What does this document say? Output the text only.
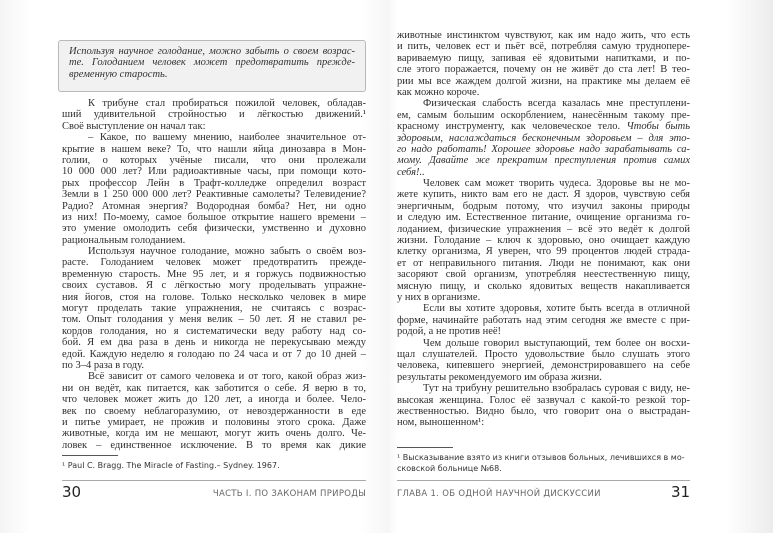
Используя научное голодание, можно забыть о своем возрас-
те. Голоданием человек может предотвратить прежде-
временную старость.
К трибуне стал пробираться пожилой человек, обладав-
ший удивительной стройностью и лёгкостью движений.¹
Своё выступление он начал так:
– Какое, по вашему мнению, наиболее значительное от-
крытие в нашем веке? То, что нашли яйца динозавра в Мон-
голии, о которых учёные писали, что они пролежали
10 000 000 лет? Или радиоактивные часы, при помощи кото-
рых профессор Лейн в Трафт-колледже определил возраст
Земли в 1 250 000 000 лет? Реактивные самолеты? Телевидение?
Радио? Атомная энергия? Водородная бомба? Нет, ни одно
из них! По-моему, самое большое открытие нашего времени –
это умение омолодить себя физически, умственно и духовно
рациональным голоданием.
Используя научное голодание, можно забыть о своём воз-
расте. Голоданием человек может предотвратить прежде-
временную старость. Мне 95 лет, и я горжусь подвижностью
своих суставов. Я с лёгкостью могу проделывать упражне-
ния йогов, стоя на голове. Только несколько человек в мире
могут проделать такие упражнения, не считаясь с возрас-
том. Опыт голодания у меня велик – 50 лет. Я не ставил ре-
кордов голодания, но я систематически веду работу над со-
бой. Я ем два раза в день и никогда не перекусываю между
едой. Каждую неделю я голодаю по 24 часа и от 7 до 10 дней –
по 3–4 раза в году.
Всё зависит от самого человека и от того, какой образ жиз-
ни он ведёт, как питается, как заботится о себе. Я верю в то,
что человек может жить до 120 лет, а иногда и более. Чело-
век по своему неблагоразумию, от невоздержанности в еде
и питье умирает, не прожив и половины этого срока. Даже
животные, когда им не мешают, могут жить очень долго. Че-
ловек – единственное исключение. В то время как дикие
¹ Paul C. Bragg. The Miracle of Fasting.– Sydney. 1967.
30	ЧАСТЬ I. ПО ЗАКОНАМ ПРИРОДЫ
животные инстинктом чувствуют, как им надо жить, что есть
и пить, человек ест и пьёт всё, потребляя самую трудноперe-
вариваемую пищу, запивая её ядовитыми напитками, и по-
сле этого поражается, почему он не живёт до ста лет! В тео-
рии мы все жаждем долгой жизни, на практике мы делаем её
как можно короче.
Физическая слабость всегда казалась мне преступлени-
ем, самым большим оскорблением, нанесённым такому пре-
красному инструменту, как человеческое тело. Чтобы быть
здоровым, наслаждаться бесконечным здоровьем – для это-
го надо работать! Хорошее здоровье надо зарабатывать са-
мому. Давайте же прекратим преступления против самих
себя!..
Человек сам может творить чудеса. Здоровье вы не мо-
жете купить, никто вам его не даст. Я здоров, чувствую себя
энергичным, бодрым потому, что изучил законы природы
и следую им. Естественное питание, очищение организма го-
лоданием, физические упражнения – всё это ведёт к долгой
жизни. Голодание – ключ к здоровью, оно очищает каждую
клетку организма, Я уверен, что 99 процентов людей страда-
ет от неправильного питания. Люди не понимают, как они
засоряют свой организм, употребляя неестественную пищу,
мясную пищу, и сколько ядовитых веществ накапливается
у них в организме.
Если вы хотите здоровья, хотите быть всегда в отличной
форме, начинайте работать над этим сегодня же вместе с при-
родой, а не против неё!
Чем дольше говорил выступающий, тем более он восхи-
щал слушателей. Просто удовольствие было слушать этого
человека, кипевшего энергией, демонстрировавшего на себе
результаты рекомендуемого им образа жизни.
Тут на трибуну решительно взобралась суровая с виду, не-
высокая женщина. Голос её зазвучал с какой-то резкой тор-
жественностью. Видно было, что говорит она о выстрадан-
ном, выношенном¹:
¹ Высказывание взято из книги отзывов больных, лечившихся в мо-
сковской больнице №68.
ГЛАВА 1. ОБ ОДНОЙ НАУЧНОЙ ДИСКУССИИ	31
